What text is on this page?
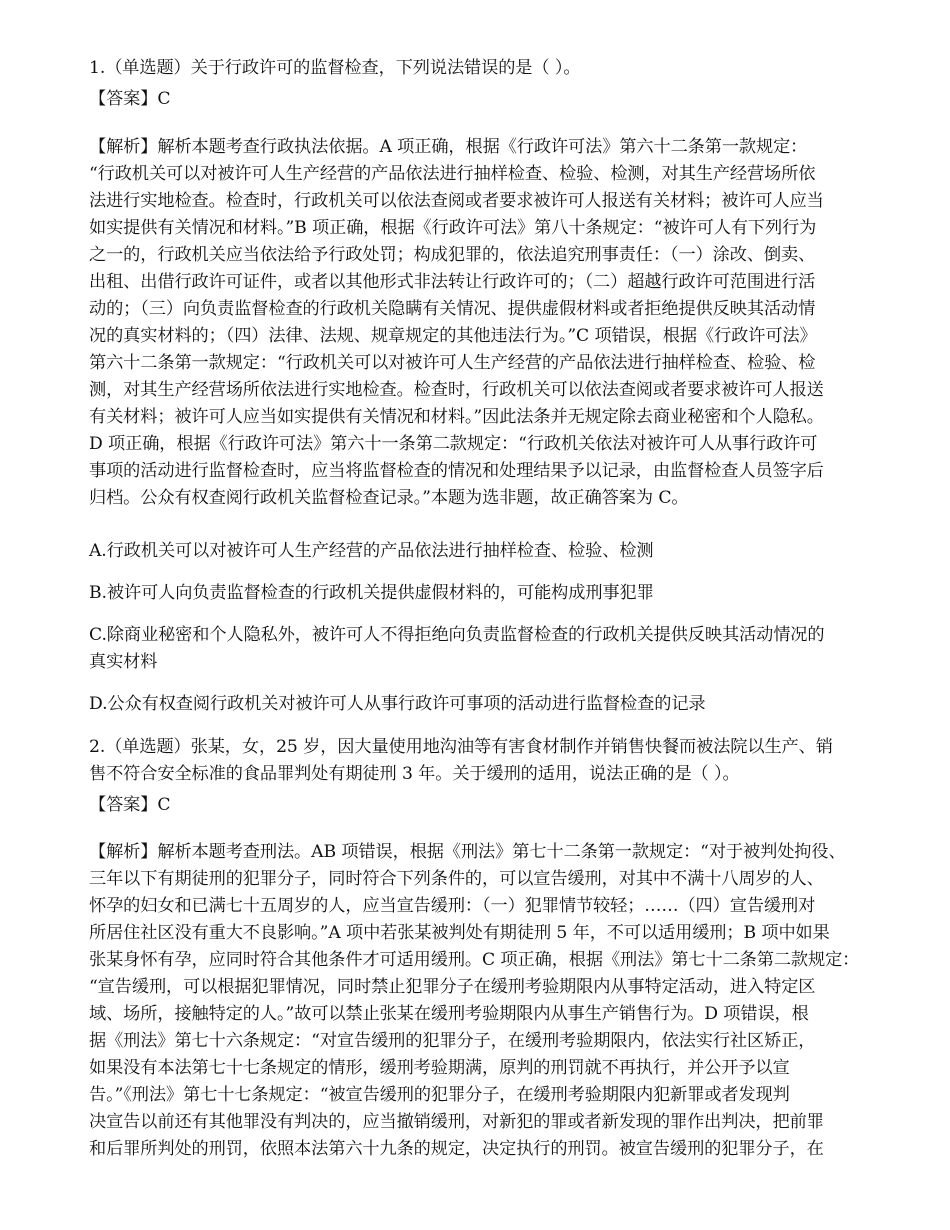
1.（单选题）关于行政许可的监督检查，下列说法错误的是（ ）。
【答案】C
【解析】解析本题考查行政执法依据。A 项正确，根据《行政许可法》第六十二条第一款规定：
“行政机关可以对被许可人生产经营的产品依法进行抽样检查、检验、检测，对其生产经营场所依
法进行实地检查。检查时，行政机关可以依法查阅或者要求被许可人报送有关材料；被许可人应当
如实提供有关情况和材料。”B 项正确，根据《行政许可法》第八十条规定：“被许可人有下列行为
之一的，行政机关应当依法给予行政处罚；构成犯罪的，依法追究刑事责任：（一）涂改、倒卖、
出租、出借行政许可证件，或者以其他形式非法转让行政许可的；（二）超越行政许可范围进行活
动的；（三）向负责监督检查的行政机关隐瞒有关情况、提供虚假材料或者拒绝提供反映其活动情
况的真实材料的；（四）法律、法规、规章规定的其他违法行为。”C 项错误，根据《行政许可法》
第六十二条第一款规定：“行政机关可以对被许可人生产经营的产品依法进行抽样检查、检验、检
测，对其生产经营场所依法进行实地检查。检查时，行政机关可以依法查阅或者要求被许可人报送
有关材料；被许可人应当如实提供有关情况和材料。”因此法条并无规定除去商业秘密和个人隐私。
D 项正确，根据《行政许可法》第六十一条第二款规定：“行政机关依法对被许可人从事行政许可
事项的活动进行监督检查时，应当将监督检查的情况和处理结果予以记录，由监督检查人员签字后
归档。公众有权查阅行政机关监督检查记录。”本题为选非题，故正确答案为 C。
A.行政机关可以对被许可人生产经营的产品依法进行抽样检查、检验、检测
B.被许可人向负责监督检查的行政机关提供虚假材料的，可能构成刑事犯罪
C.除商业秘密和个人隐私外，被许可人不得拒绝向负责监督检查的行政机关提供反映其活动情况的
真实材料
D.公众有权查阅行政机关对被许可人从事行政许可事项的活动进行监督检查的记录
2.（单选题）张某，女，25 岁，因大量使用地沟油等有害食材制作并销售快餐而被法院以生产、销
售不符合安全标准的食品罪判处有期徒刑 3 年。关于缓刑的适用，说法正确的是（ ）。
【答案】C
【解析】解析本题考查刑法。AB 项错误，根据《刑法》第七十二条第一款规定：“对于被判处拘役、
三年以下有期徒刑的犯罪分子，同时符合下列条件的，可以宣告缓刑，对其中不满十八周岁的人、
怀孕的妇女和已满七十五周岁的人，应当宣告缓刑：（一）犯罪情节较轻；……（四）宣告缓刑对
所居住社区没有重大不良影响。”A 项中若张某被判处有期徒刑 5 年，不可以适用缓刑；B 项中如果
张某身怀有孕，应同时符合其他条件才可适用缓刑。C 项正确，根据《刑法》第七十二条第二款规定：
“宣告缓刑，可以根据犯罪情况，同时禁止犯罪分子在缓刑考验期限内从事特定活动，进入特定区
域、场所，接触特定的人。”故可以禁止张某在缓刑考验期限内从事生产销售行为。D 项错误，根
据《刑法》第七十六条规定：“对宣告缓刑的犯罪分子，在缓刑考验期限内，依法实行社区矫正，
如果没有本法第七十七条规定的情形，缓刑考验期满，原判的刑罚就不再执行，并公开予以宣
告。”《刑法》第七十七条规定：“被宣告缓刑的犯罪分子，在缓刑考验期限内犯新罪或者发现判
决宣告以前还有其他罪没有判决的，应当撤销缓刑，对新犯的罪或者新发现的罪作出判决，把前罪
和后罪所判处的刑罚，依照本法第六十九条的规定，决定执行的刑罚。被宣告缓刑的犯罪分子，在
